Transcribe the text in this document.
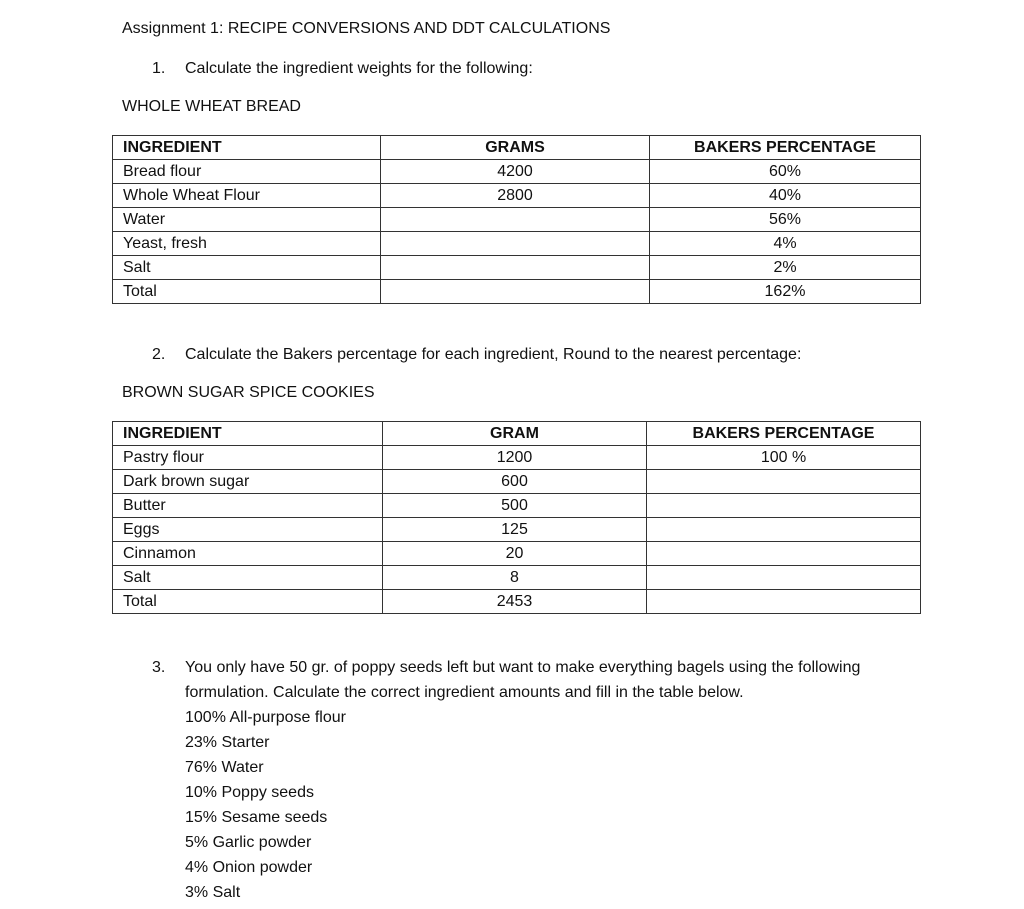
Assignment 1: RECIPE CONVERSIONS AND DDT CALCULATIONS
1. Calculate the ingredient weights for the following:
WHOLE WHEAT BREAD
INGREDIENT	GRAMS	BAKERS PERCENTAGE
Bread flour	4200	60%
Whole Wheat Flour	2800	40%
Water		56%
Yeast, fresh		4%
Salt		2%
Total		162%
2. Calculate the Bakers percentage for each ingredient, Round to the nearest percentage:
BROWN SUGAR SPICE COOKIES
INGREDIENT	GRAM	BAKERS PERCENTAGE
Pastry flour	1200	100 %
Dark brown sugar	600	
Butter	500	
Eggs	125	
Cinnamon	20	
Salt	8	
Total	2453	
3. You only have 50 gr. of poppy seeds left but want to make everything bagels using the following formulation. Calculate the correct ingredient amounts and fill in the table below.
100% All-purpose flour
23% Starter
76% Water
10% Poppy seeds
15% Sesame seeds
5% Garlic powder
4% Onion powder
3% Salt
